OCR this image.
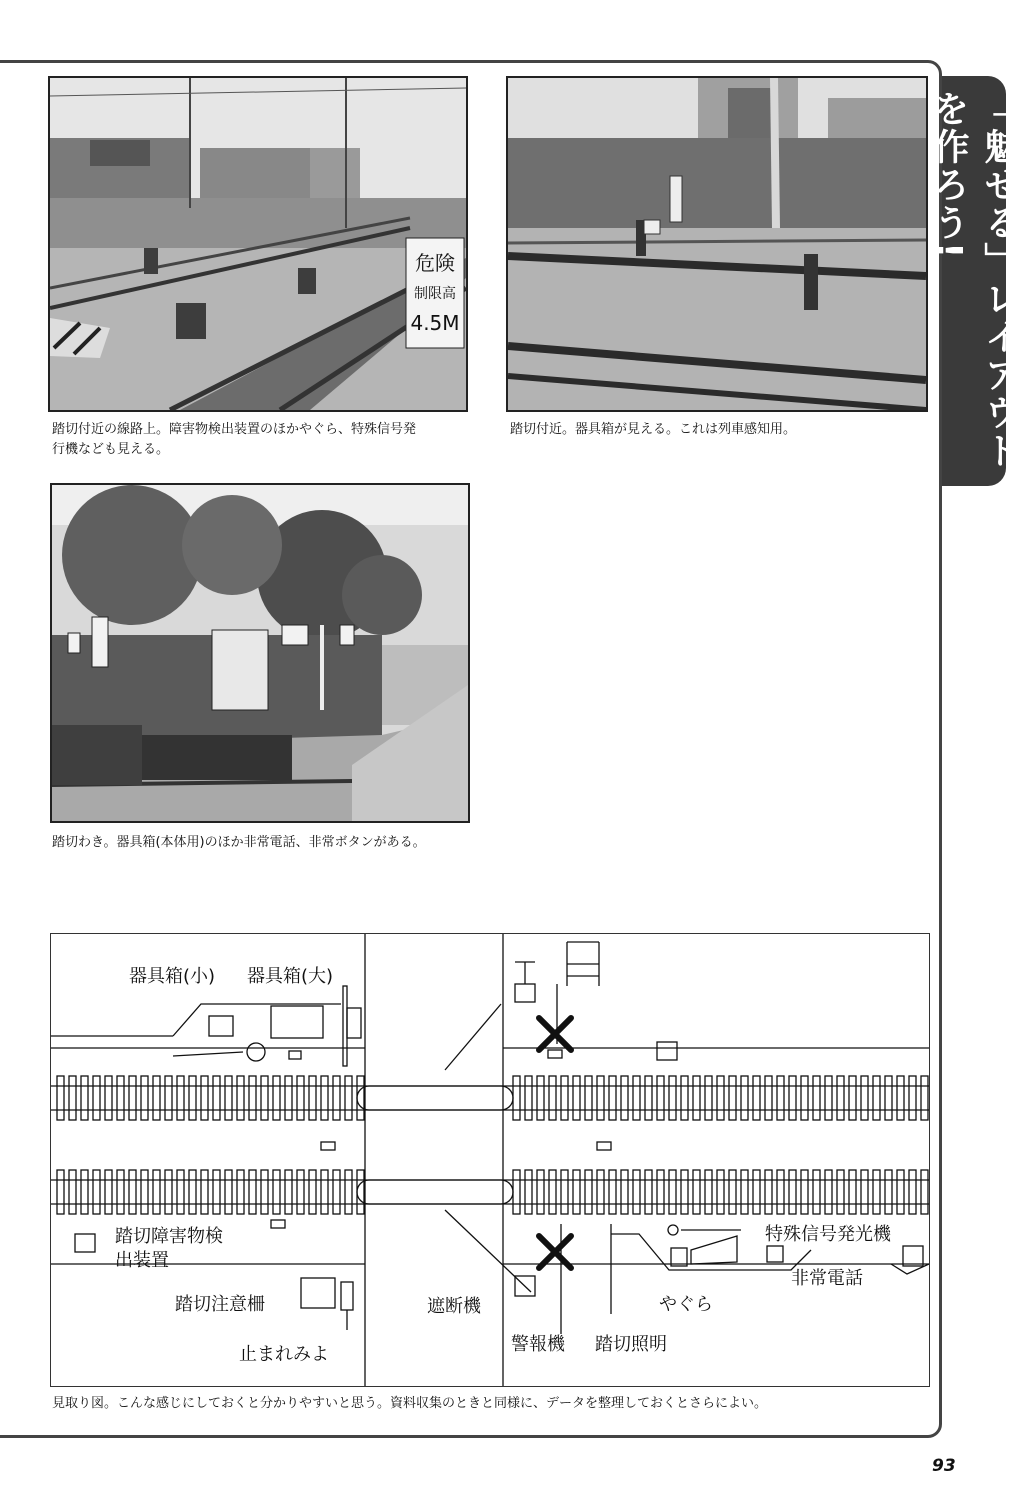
「魅せる」レイアウトを作ろう!
危険
制限高
4.5M
踏切付近の線路上。障害物検出装置のほかやぐら、特殊信号発
行機なども見える。
踏切付近。器具箱が見える。これは列車感知用。
踏切わき。器具箱(本体用)のほか非常電話、非常ボタンがある。
器具箱(小) 器具箱(大)
踏切障害物検
出装置
踏切注意柵
止まれみよ
遮断機
警報機 踏切照明
やぐら
特殊信号発光機
非常電話
見取り図。こんな感じにしておくと分かりやすいと思う。資料収集のときと同様に、データを整理しておくとさらによい。
93
